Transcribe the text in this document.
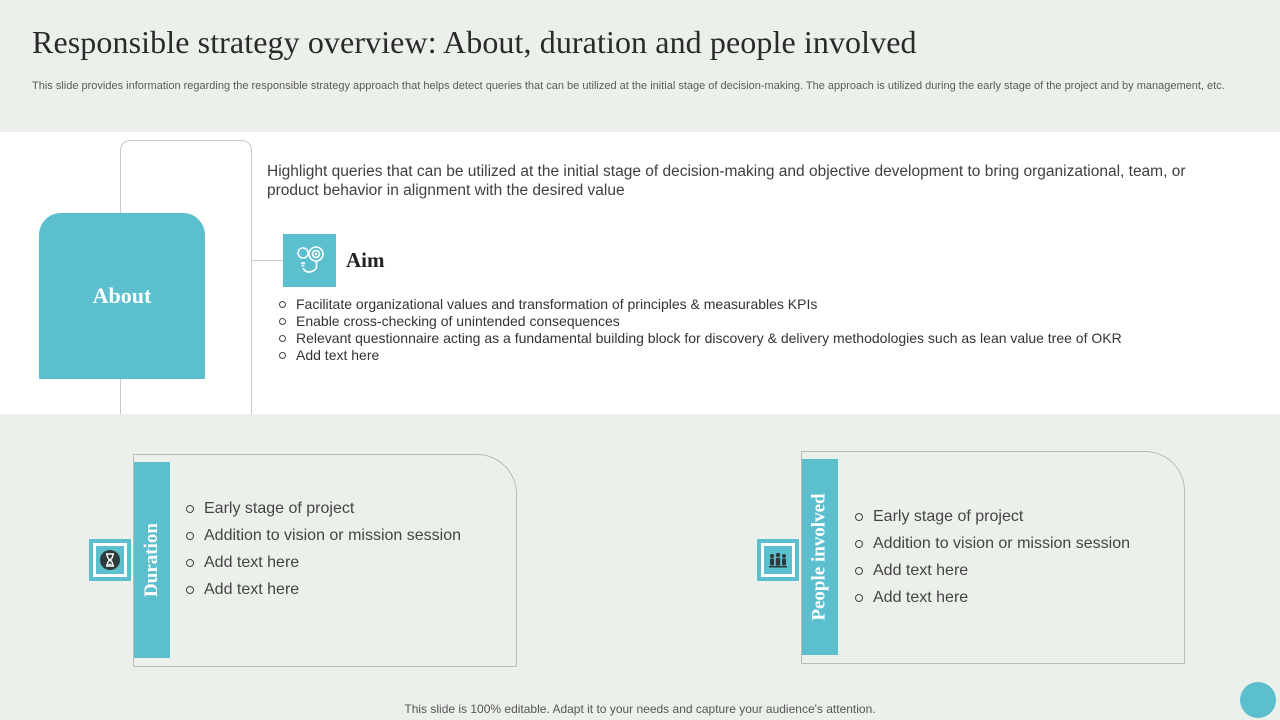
Responsible strategy overview: About, duration and people involved
This slide provides information regarding the responsible strategy approach that helps detect queries that can be utilized at the initial stage of decision-making. The approach is utilized during the early stage of the project and by management, etc.
About
Highlight queries that can be utilized at the initial stage of decision-making and objective development to bring organizational, team, or product behavior in alignment with the desired value
Aim
Facilitate organizational values and transformation of principles & measurables KPIs
Enable cross-checking of unintended consequences
Relevant questionnaire acting as a fundamental building block for discovery & delivery methodologies such as lean value tree of OKR
Add text here
Duration
Early stage of project
Addition to vision or mission session
Add text here
Add text here	People involved	Early stage of project
Addition to vision or mission session
Add text here
Add text here
This slide is 100% editable. Adapt it to your needs and capture your audience's attention.
